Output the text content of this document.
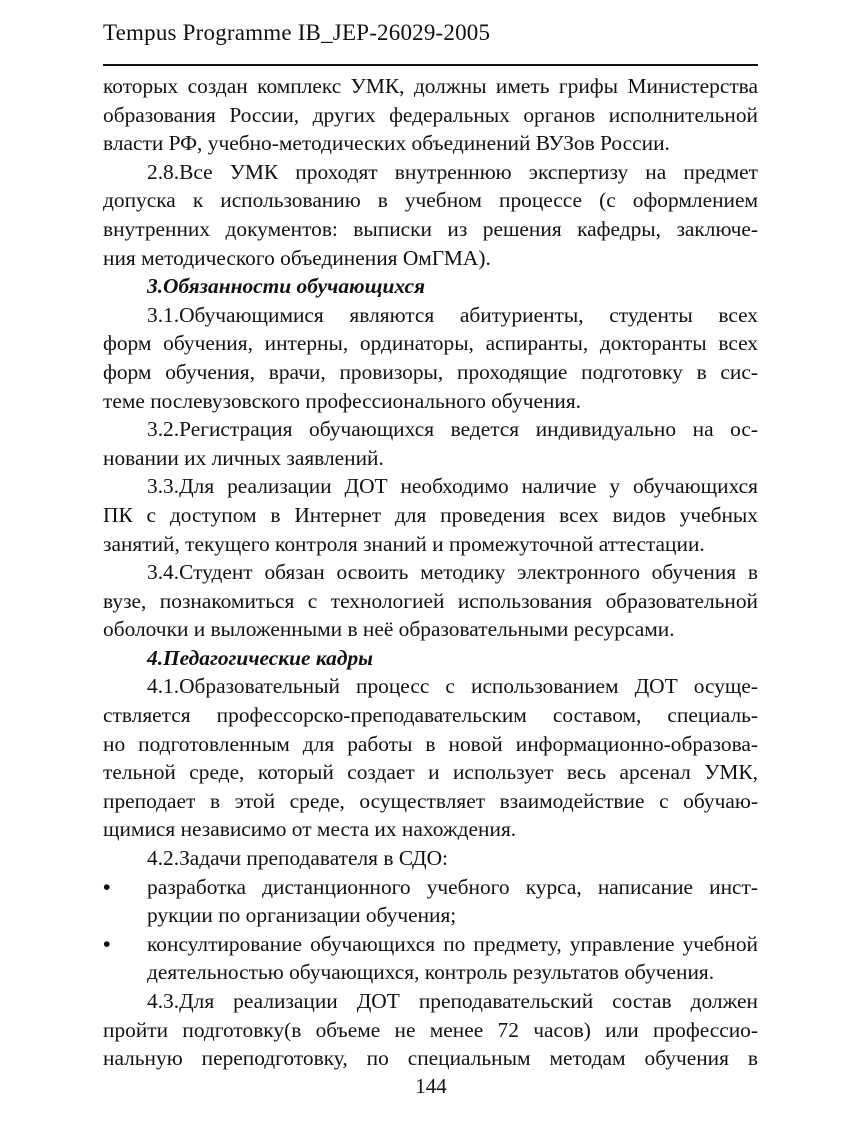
Tempus Programme IB_JEP-26029-2005
которых создан комплекс УМК, должны иметь грифы Министерства
образования России, других федеральных органов исполнительной
власти РФ, учебно-методических объединений ВУЗов России.
2.8.Все УМК проходят внутреннюю экспертизу на предмет
допуска к использованию в учебном процессе (с оформлением
внутренних документов: выписки из решения кафедры, заключе-
ния методического объединения ОмГМА).
3.Обязанности обучающихся
3.1.Обучающимися являются абитуриенты, студенты всех
форм обучения, интерны, ординаторы, аспиранты, докторанты всех
форм обучения, врачи, провизоры, проходящие подготовку в сис-
теме послевузовского профессионального обучения.
3.2.Регистрация обучающихся ведется индивидуально на ос-
новании их личных заявлений.
3.3.Для реализации ДОТ необходимо наличие у обучающихся
ПК с доступом в Интернет для проведения всех видов учебных
занятий, текущего контроля знаний и промежуточной аттестации.
3.4.Студент обязан освоить методику электронного обучения в
вузе, познакомиться с технологией использования образовательной
оболочки и выложенными в неё образовательными ресурсами.
4.Педагогические кадры
4.1.Образовательный процесс с использованием ДОТ осуще-
ствляется профессорско-преподавательским составом, специаль-
но подготовленным для работы в новой информационно-образова-
тельной среде, который создает и использует весь арсенал УМК,
преподает в этой среде, осуществляет взаимодействие с обучаю-
щимися независимо от места их нахождения.
4.2.Задачи преподавателя в СДО:
•	разработка дистанционного учебного курса, написание инст-
рукции по организации обучения;
•	консултирование обучающихся по предмету, управление учебной
деятельностью обучающихся, контроль результатов обучения.
4.3.Для реализации ДОТ преподавательский состав должен
пройти подготовку(в объеме не менее 72 часов) или профессио-
нальную переподготовку, по специальным методам обучения в
144
